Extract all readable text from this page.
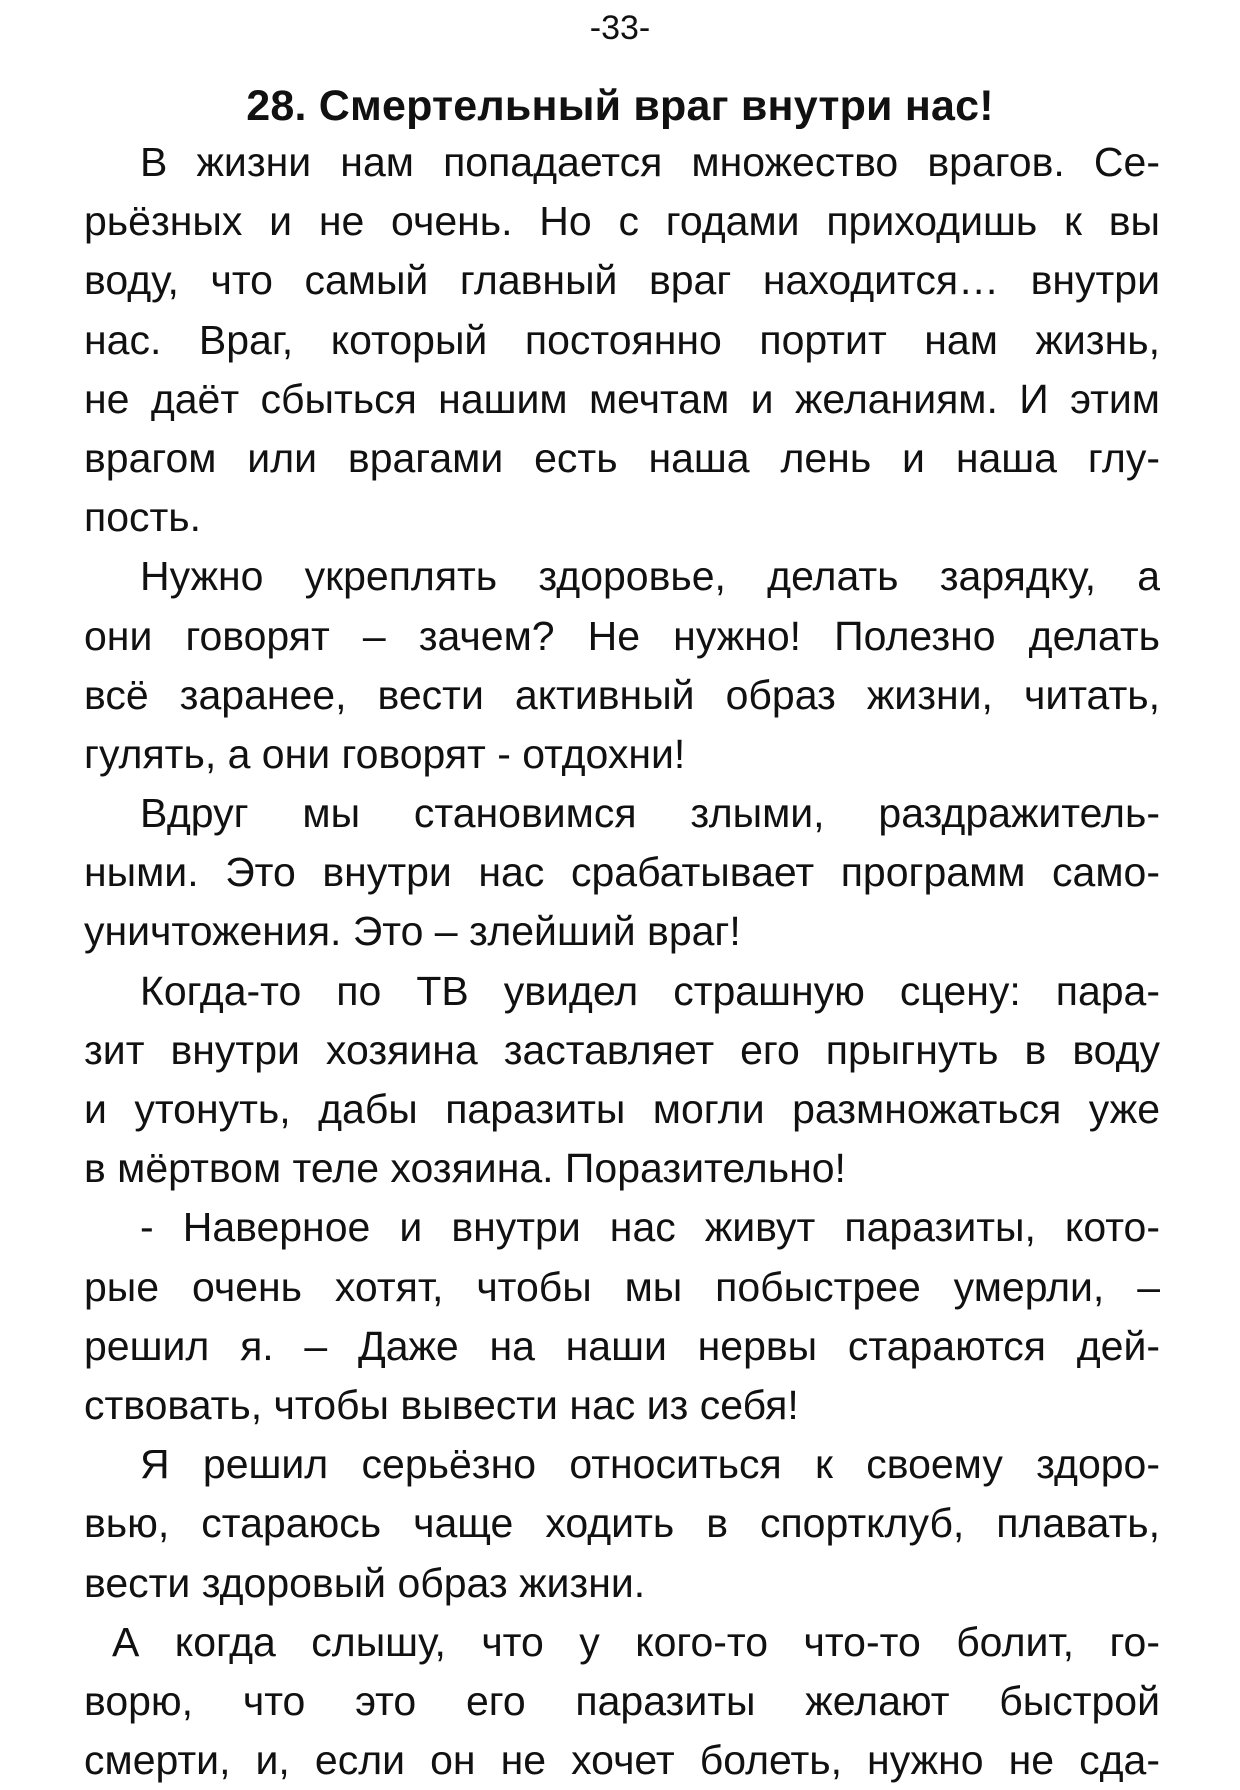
-33-
28. Смертельный враг внутри нас!

В жизни нам попадается множество врагов. Се-
рьёзных и не очень. Но с годами приходишь к вы
воду, что самый главный враг находится… внутри
нас. Враг, который постоянно портит нам жизнь,
не даёт сбыться нашим мечтам и желаниям. И этим
врагом или врагами есть наша лень и наша глу-
пость.

Нужно укреплять здоровье, делать зарядку, а
они говорят – зачем? Не нужно! Полезно делать
всё заранее, вести активный образ жизни, читать,
гулять, а они говорят - отдохни!

Вдруг мы становимся злыми, раздражитель-
ными. Это внутри нас срабатывает программ само-
уничтожения. Это – злейший враг!

Когда-то по ТВ увидел страшную сцену: пара-
зит внутри хозяина заставляет его прыгнуть в воду
и утонуть, дабы паразиты могли размножаться уже
в мёртвом теле хозяина. Поразительно!

- Наверное и внутри нас живут паразиты, кото-
рые очень хотят, чтобы мы побыстрее умерли, –
решил я. – Даже на наши нервы стараются дей-
ствовать, чтобы вывести нас из себя!

Я решил серьёзно относиться к своему здоро-
вью, стараюсь чаще ходить в спортклуб, плавать,
вести здоровый образ жизни.

А когда слышу, что у кого-то что-то болит, го-
ворю, что это его паразиты желают быстрой
смерти, и, если он не хочет болеть, нужно не сда-
